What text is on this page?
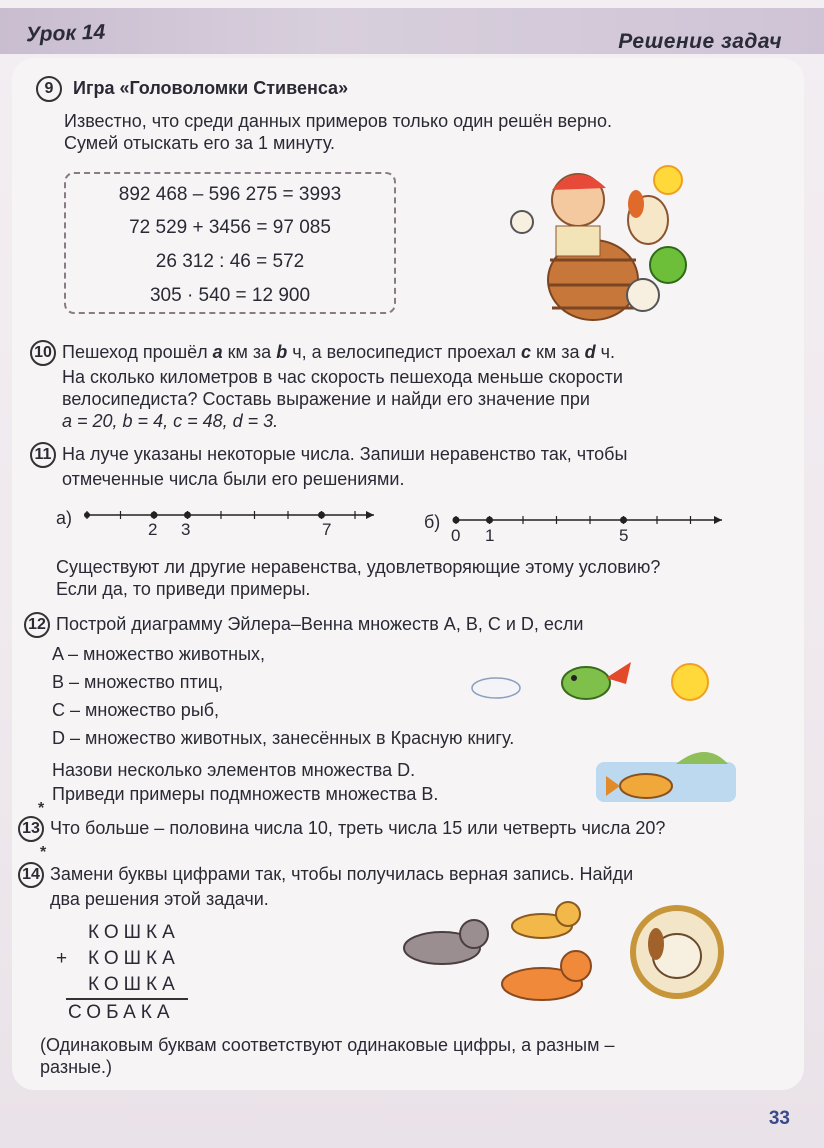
Урок 14	Решение задач
9 Игра «Головоломки Стивенса»
Известно, что среди данных примеров только один решён верно.
Сумей отыскать его за 1 минуту.
892 468 – 596 275 = 3993
72 529 + 3456 = 97 085
26 312 : 46 = 572
305 · 540 = 12 900
10 Пешеход прошёл a км за b ч, а велосипедист проехал c км за d ч.
На сколько километров в час скорость пешехода меньше скорости
велосипедиста? Составь выражение и найди его значение при
a = 20, b = 4, c = 48, d = 3.
11 На луче указаны некоторые числа. Запиши неравенство так, чтобы
отмеченные числа были его решениями.
а)
2 3	7	б)
0 1	5
Существуют ли другие неравенства, удовлетворяющие этому условию?
Если да, то приведи примеры.
12 Построй диаграмму Эйлера–Венна множеств A, B, C и D, если
A – множество животных,
B – множество птиц,
C – множество рыб,
D – множество животных, занесённых в Красную книгу.
Назови несколько элементов множества D.
Приведи примеры подмножеств множества B.
*
13 Что больше – половина числа 10, треть числа 15 или четверть числа 20?
*
14 Замени буквы цифрами так, чтобы получилась верная запись. Найди
два решения этой задачи.
КОШКА
+ КОШКА
КОШКА
СОБАКА
(Одинаковым буквам соответствуют одинаковые цифры, а разным –
разные.)
33
